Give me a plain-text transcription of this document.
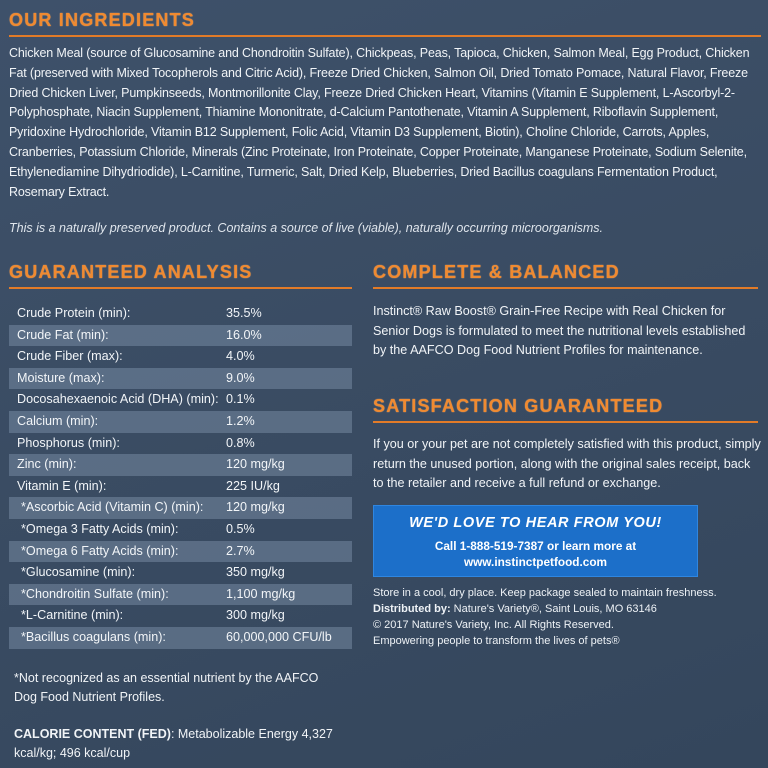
OUR INGREDIENTS
Chicken Meal (source of Glucosamine and Chondroitin Sulfate), Chickpeas, Peas, Tapioca, Chicken, Salmon Meal, Egg Product, Chicken Fat (preserved with Mixed Tocopherols and Citric Acid), Freeze Dried Chicken, Salmon Oil, Dried Tomato Pomace, Natural Flavor, Freeze Dried Chicken Liver, Pumpkinseeds, Montmorillonite Clay, Freeze Dried Chicken Heart, Vitamins (Vitamin E Supplement, L-Ascorbyl-2-Polyphosphate, Niacin Supplement, Thiamine Mononitrate, d-Calcium Pantothenate, Vitamin A Supplement, Riboflavin Supplement, Pyridoxine Hydrochloride, Vitamin B12 Supplement, Folic Acid, Vitamin D3 Supplement, Biotin), Choline Chloride, Carrots, Apples, Cranberries, Potassium Chloride, Minerals (Zinc Proteinate, Iron Proteinate, Copper Proteinate, Manganese Proteinate, Sodium Selenite, Ethylenediamine Dihydriodide), L-Carnitine, Turmeric, Salt, Dried Kelp, Blueberries, Dried Bacillus coagulans Fermentation Product, Rosemary Extract.
This is a naturally preserved product. Contains a source of live (viable), naturally occurring microorganisms.
GUARANTEED ANALYSIS
Crude Protein (min):	35.5%
Crude Fat (min):	16.0%
Crude Fiber (max):	4.0%
Moisture (max):	9.0%
Docosahexaenoic Acid (DHA) (min): 0.1%
Calcium (min):	1.2%
Phosphorus (min):	0.8%
Zinc (min):	120 mg/kg
Vitamin E (min):	225 IU/kg
*Ascorbic Acid (Vitamin C) (min): 120 mg/kg
*Omega 3 Fatty Acids (min):	0.5%
*Omega 6 Fatty Acids (min):	2.7%
*Glucosamine (min):	350 mg/kg
*Chondroitin Sulfate (min):	1,100 mg/kg
*L-Carnitine (min):	300 mg/kg
*Bacillus coagulans (min):	60,000,000 CFU/lb
*Not recognized as an essential nutrient by the AAFCO Dog Food Nutrient Profiles.
CALORIE CONTENT (FED): Metabolizable Energy 4,327 kcal/kg; 496 kcal/cup
COMPLETE & BALANCED
Instinct® Raw Boost® Grain-Free Recipe with Real Chicken for Senior Dogs is formulated to meet the nutritional levels established by the AAFCO Dog Food Nutrient Profiles for maintenance.
SATISFACTION GUARANTEED
If you or your pet are not completely satisfied with this product, simply return the unused portion, along with the original sales receipt, back to the retailer and receive a full refund or exchange.
WE'D LOVE TO HEAR FROM YOU!
Call 1-888-519-7387 or learn more at
www.instinctpetfood.com
Store in a cool, dry place. Keep package sealed to maintain freshness.
Distributed by: Nature's Variety®, Saint Louis, MO 63146
© 2017 Nature's Variety, Inc. All Rights Reserved.
Empowering people to transform the lives of pets®
